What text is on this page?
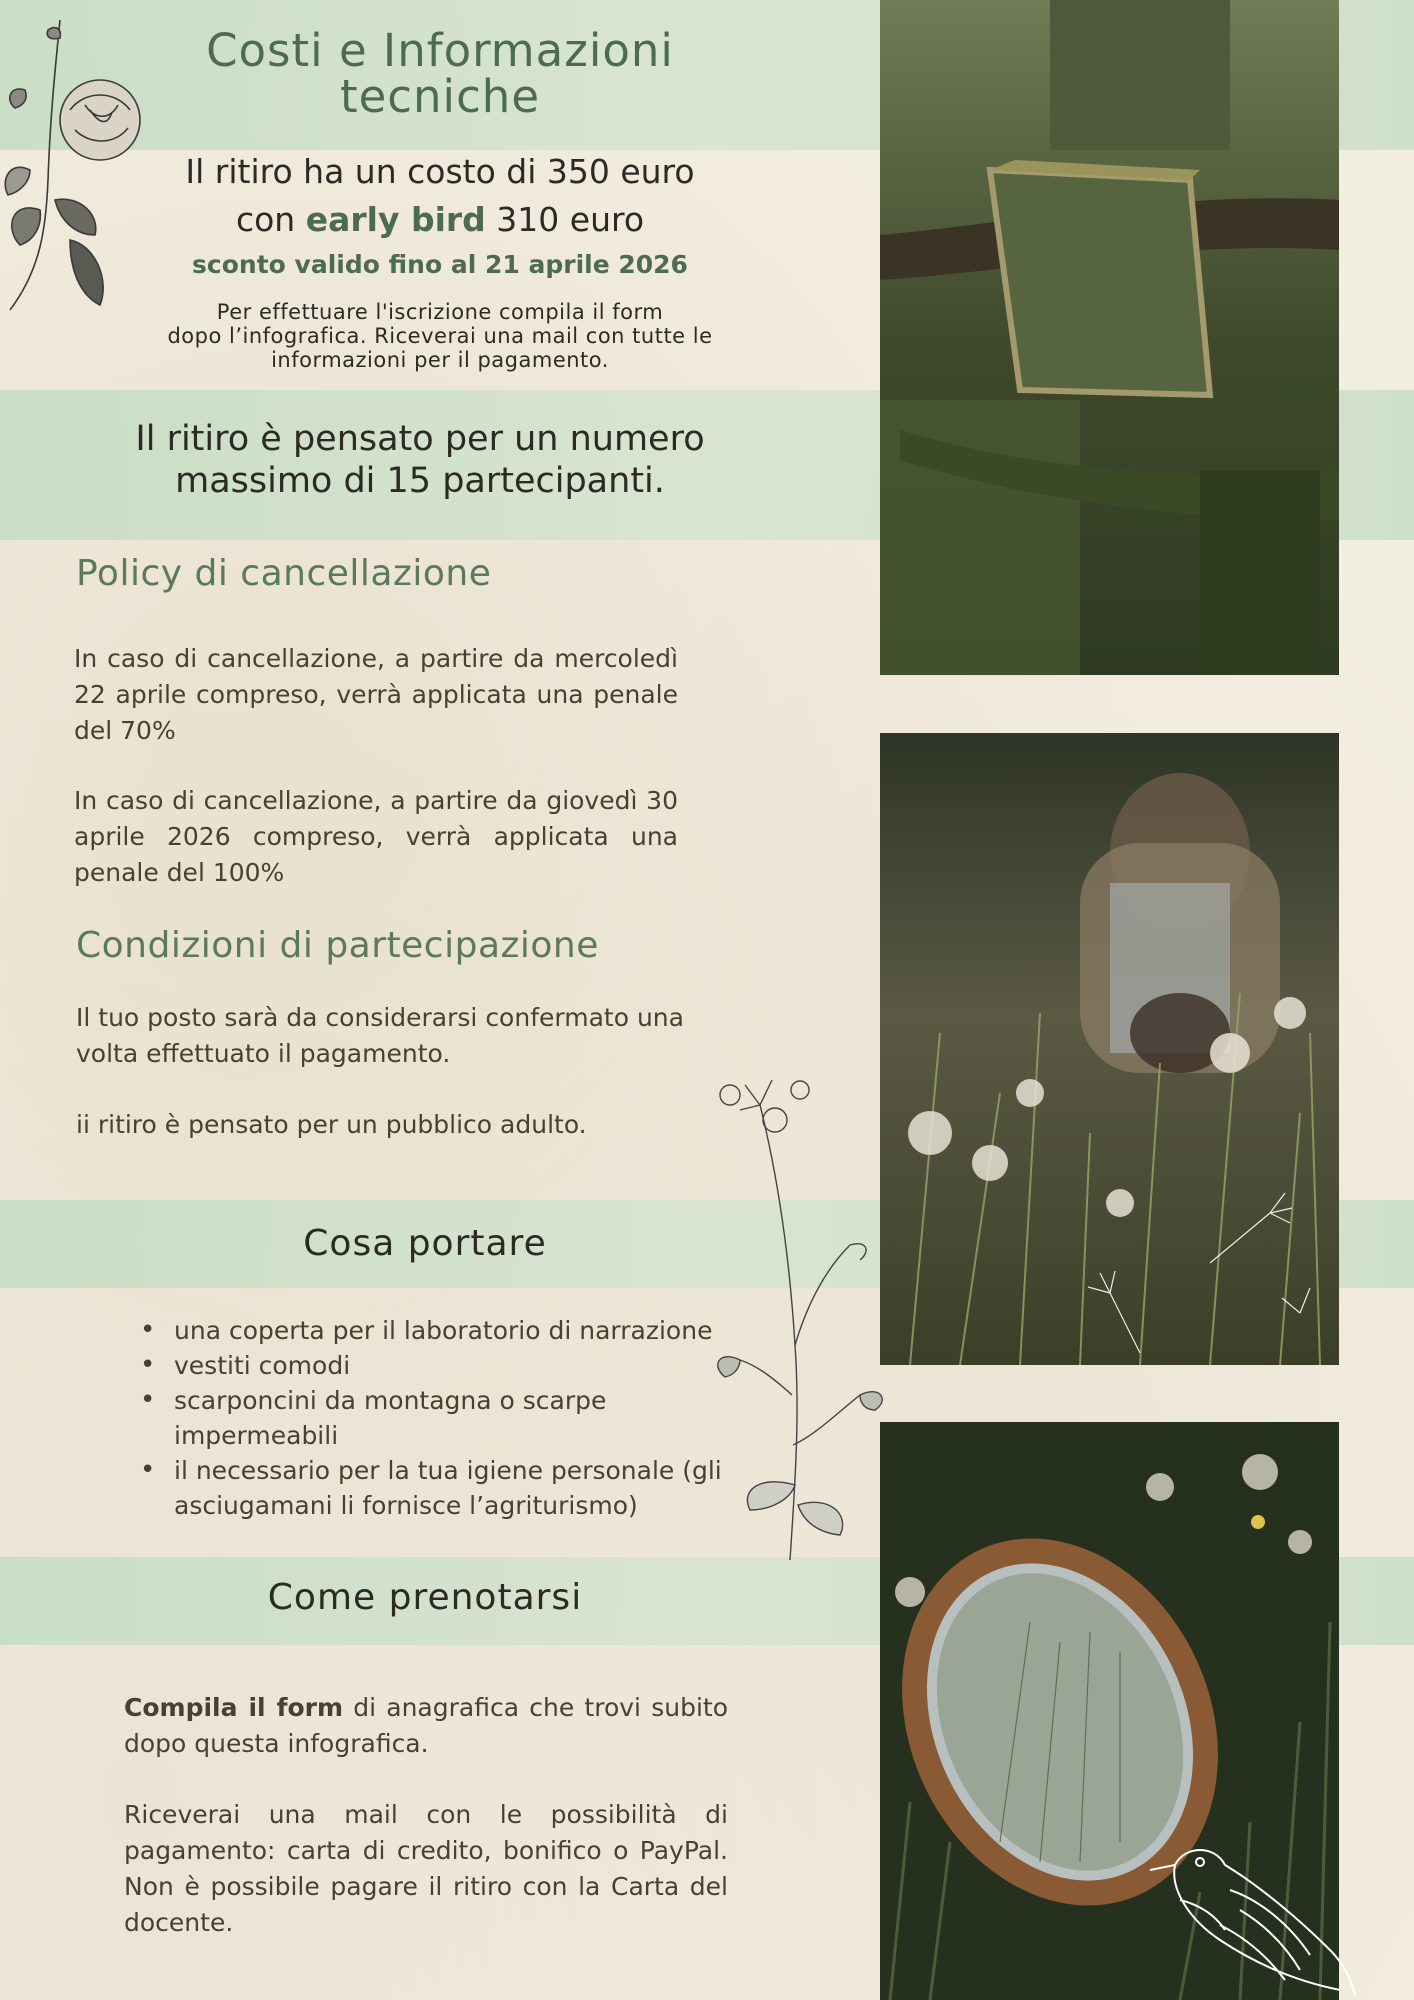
Costi e Informazioni
tecniche
Il ritiro ha un costo di 350 euro
con early bird 310 euro
sconto valido fino al 21 aprile 2026
Per effettuare l'iscrizione compila il form
dopo l’infografica. Riceverai una mail con tutte le
informazioni per il pagamento.
Il ritiro è pensato per un numero
massimo di 15 partecipanti.
Policy di cancellazione
In caso di cancellazione, a partire da mercoledì 22 aprile compreso, verrà applicata una penale del 70%
In caso di cancellazione, a partire da giovedì 30 aprile 2026 compreso, verrà applicata una penale del 100%
Condizioni di partecipazione
Il tuo posto sarà da considerarsi confermato una volta effettuato il pagamento.
ii ritiro è pensato per un pubblico adulto.
Cosa portare
• una coperta per il laboratorio di narrazione
• vestiti comodi
• scarponcini da montagna o scarpe impermeabili
• il necessario per la tua igiene personale (gli asciugamani li fornisce l’agriturismo)
Come prenotarsi
Compila il form di anagrafica che trovi subito dopo questa infografica.
Riceverai una mail con le possibilità di pagamento: carta di credito, bonifico o PayPal. Non è possibile pagare il ritiro con la Carta del docente.
